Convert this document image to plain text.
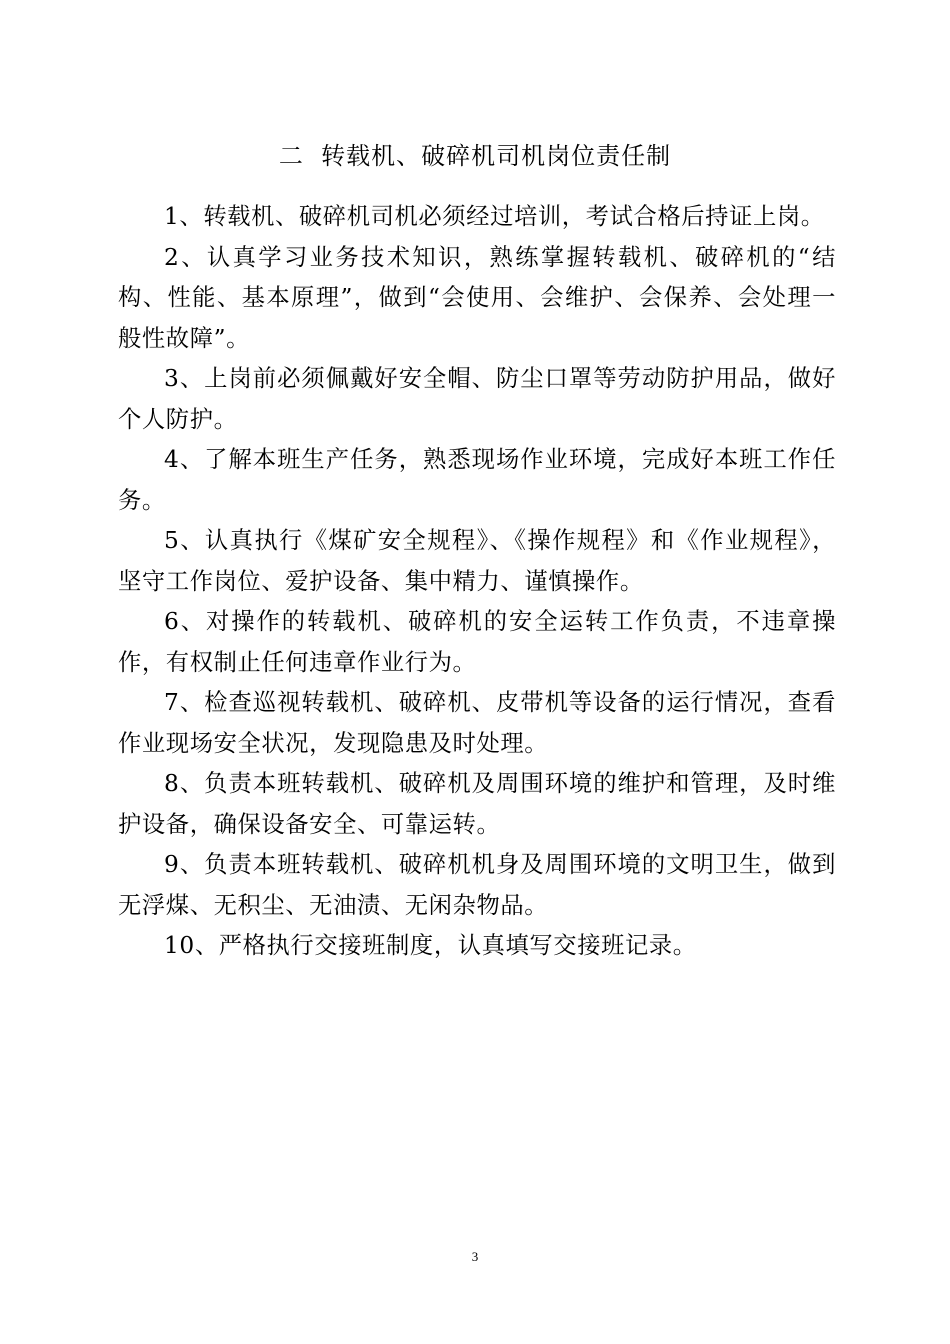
二  转载机、破碎机司机岗位责任制

1、转载机、破碎机司机必须经过培训，考试合格后持证上岗。

2、认真学习业务技术知识，熟练掌握转载机、破碎机的“结构、性能、基本原理”，做到“会使用、会维护、会保养、会处理一般性故障”。

3、上岗前必须佩戴好安全帽、防尘口罩等劳动防护用品，做好个人防护。

4、了解本班生产任务，熟悉现场作业环境，完成好本班工作任务。

5、认真执行《煤矿安全规程》、《操作规程》和《作业规程》，坚守工作岗位、爱护设备、集中精力、谨慎操作。

6、对操作的转载机、破碎机的安全运转工作负责，不违章操作，有权制止任何违章作业行为。

7、检查巡视转载机、破碎机、皮带机等设备的运行情况，查看作业现场安全状况，发现隐患及时处理。

8、负责本班转载机、破碎机及周围环境的维护和管理，及时维护设备，确保设备安全、可靠运转。

9、负责本班转载机、破碎机机身及周围环境的文明卫生，做到无浮煤、无积尘、无油渍、无闲杂物品。

10、严格执行交接班制度，认真填写交接班记录。

3
